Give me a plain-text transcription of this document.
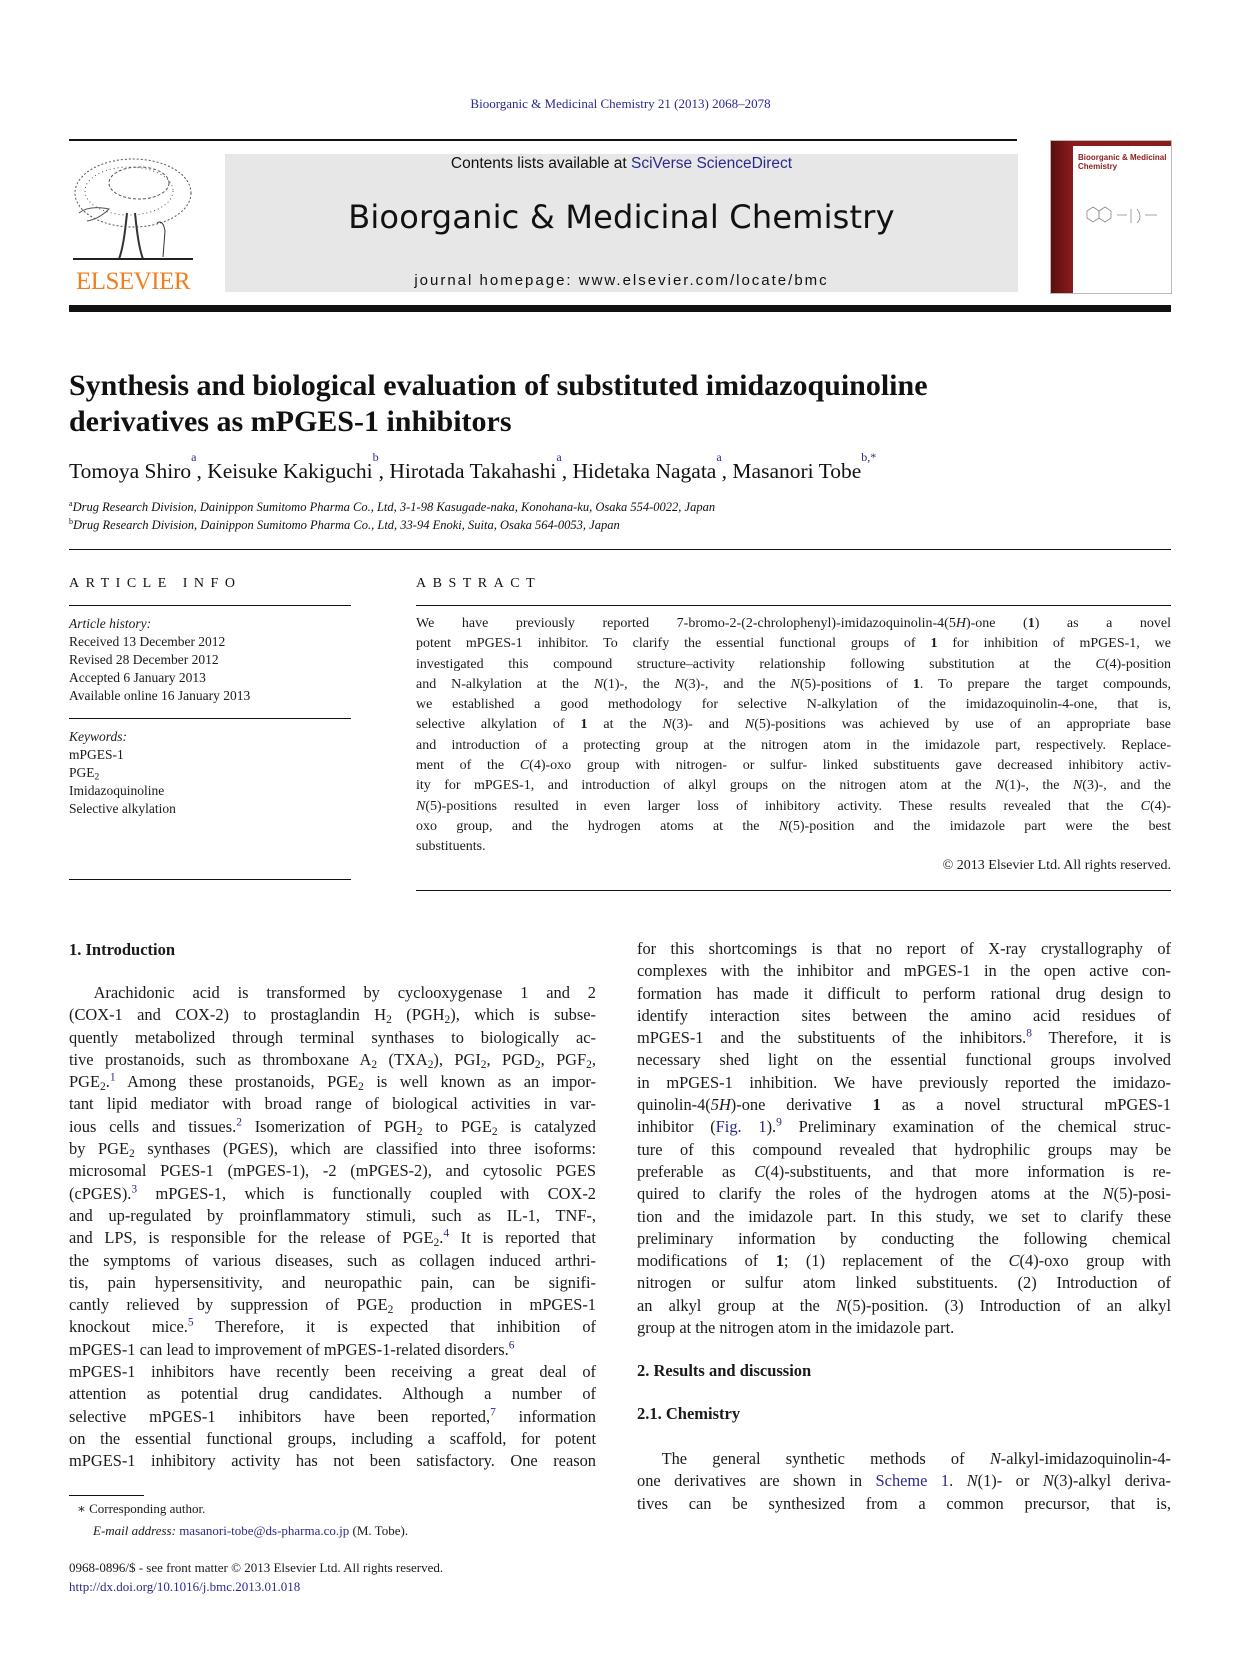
Bioorganic & Medicinal Chemistry 21 (2013) 2068–2078
ELSEVIER
Contents lists available at SciVerse ScienceDirect
Bioorganic & Medicinal Chemistry
journal homepage: www.elsevier.com/locate/bmc
Bioorganic & Medicinal Chemistry
Synthesis and biological evaluation of substituted imidazoquinoline
derivatives as mPGES-1 inhibitors
Tomoya Shiro$^a$, Keisuke Kakiguchi$^b$, Hirotada Takahashi$^a$, Hidetaka Nagata$^a$, Masanori Tobe$^{b,*}$
$^a$Drug Research Division, Dainippon Sumitomo Pharma Co., Ltd, 3-1-98 Kasugade-naka, Konohana-ku, Osaka 554-0022, Japan
$^b$Drug Research Division, Dainippon Sumitomo Pharma Co., Ltd, 33-94 Enoki, Suita, Osaka 564-0053, Japan
ARTICLE INFO
Article history:
Received 13 December 2012
Revised 28 December 2012
Accepted 6 January 2013
Available online 16 January 2013
Keywords:
mPGES-1
$PGE_2$
Imidazoquinoline
Selective alkylation
ABSTRACT
We have previously reported 7-bromo-2-(2-chrolophenyl)-imidazoquinolin-4(5H)-one (1) as a novel
potent mPGES-1 inhibitor. To clarify the essential functional groups of 1 for inhibition of mPGES-1, we
investigated this compound structure–activity relationship following substitution at the C(4)-position
and N-alkylation at the N(1)-, the N(3)-, and the N(5)-positions of 1. To prepare the target compounds,
we established a good methodology for selective N-alkylation of the imidazoquinolin-4-one, that is,
selective alkylation of 1 at the N(3)- and N(5)-positions was achieved by use of an appropriate base
and introduction of a protecting group at the nitrogen atom in the imidazole part, respectively. Replace-
ment of the C(4)-oxo group with nitrogen- or sulfur- linked substituents gave decreased inhibitory activ-
ity for mPGES-1, and introduction of alkyl groups on the nitrogen atom at the N(1)-, the N(3)-, and the
N(5)-positions resulted in even larger loss of inhibitory activity. These results revealed that the C(4)-
oxo group, and the hydrogen atoms at the N(5)-position and the imidazole part were the best
substituents.
© 2013 Elsevier Ltd. All rights reserved.
1. Introduction
  Arachidonic acid is transformed by cyclooxygenase 1 and 2
(COX-1 and COX-2) to prostaglandin $H_2$ $(PGH_2)$, which is subse-
quently metabolized through terminal synthases to biologically ac-
tive prostanoids, such as thromboxane $A_2$ $(TXA_2)$, $PGI_2$, $PGD_2$, $PGF_2$,
$PGE_2.^1$ Among these prostanoids, $PGE_2$ is well known as an impor-
tant lipid mediator with broad range of biological activities in var-
ious cells and tissues.$^2$ Isomerization of $PGH_2$ to $PGE_2$ is catalyzed
by $PGE_2$ synthases (PGES), which are classified into three isoforms:
microsomal PGES-1 (mPGES-1), -2 (mPGES-2), and cytosolic PGES
(cPGES).$^3$ mPGES-1, which is functionally coupled with COX-2
and up-regulated by proinflammatory stimuli, such as IL-1, TNF-,
and LPS, is responsible for the release of $PGE_2.^4$ It is reported that
the symptoms of various diseases, such as collagen induced arthri-
tis, pain hypersensitivity, and neuropathic pain, can be signifi-
cantly relieved by suppression of $PGE_2$ production in mPGES-1
knockout mice.$^5$ Therefore, it is expected that inhibition of
mPGES-1 can lead to improvement of mPGES-1-related disorders.$^6$
mPGES-1 inhibitors have recently been receiving a great deal of
attention as potential drug candidates. Although a number of
selective mPGES-1 inhibitors have been reported,$^7$ information
on the essential functional groups, including a scaffold, for potent
mPGES-1 inhibitory activity has not been satisfactory. One reason
∗ Corresponding author.
E-mail address: masanori-tobe@ds-pharma.co.jp (M. Tobe).
0968-0896/$ - see front matter © 2013 Elsevier Ltd. All rights reserved.
http://dx.doi.org/10.1016/j.bmc.2013.01.018
for this shortcomings is that no report of X-ray crystallography of
complexes with the inhibitor and mPGES-1 in the open active con-
formation has made it difficult to perform rational drug design to
identify interaction sites between the amino acid residues of
mPGES-1 and the substituents of the inhibitors.$^8$ Therefore, it is
necessary shed light on the essential functional groups involved
in mPGES-1 inhibition. We have previously reported the imidazo-
quinolin-4(5H)-one derivative 1 as a novel structural mPGES-1
inhibitor (Fig. 1).$^9$ Preliminary examination of the chemical struc-
ture of this compound revealed that hydrophilic groups may be
preferable as C(4)-substituents, and that more information is re-
quired to clarify the roles of the hydrogen atoms at the N(5)-posi-
tion and the imidazole part. In this study, we set to clarify these
preliminary information by conducting the following chemical
modifications of 1; (1) replacement of the C(4)-oxo group with
nitrogen or sulfur atom linked substituents. (2) Introduction of
an alkyl group at the N(5)-position. (3) Introduction of an alkyl
group at the nitrogen atom in the imidazole part.
2. Results and discussion
2.1. Chemistry
  The general synthetic methods of N-alkyl-imidazoquinolin-4-
one derivatives are shown in Scheme 1. N(1)- or N(3)-alkyl deriva-
tives can be synthesized from a common precursor, that is,
